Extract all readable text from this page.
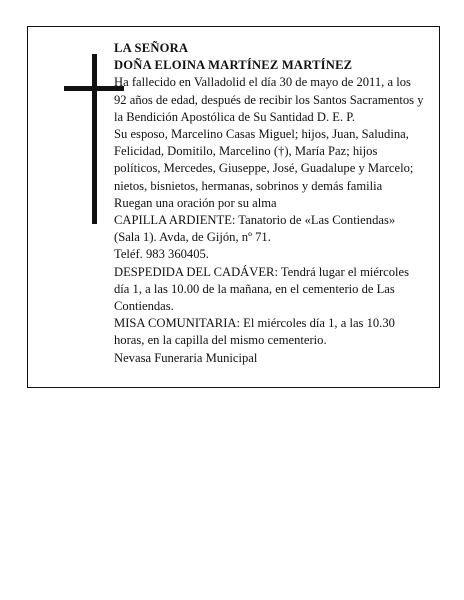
LA SEÑORA

DOÑA ELOINA MARTÍNEZ MARTÍNEZ

Ha fallecido en Valladolid el día 30 de mayo de 2011, a los 92 años de edad, después de recibir los Santos Sacramentos y la Bendición Apostólica de Su Santidad D. E. P.

Su esposo, Marcelino Casas Miguel; hijos, Juan, Saludina, Felicidad, Domitilo, Marcelino (†), María Paz; hijos políticos, Mercedes, Giuseppe, José, Guadalupe y Marcelo; nietos, bisnietos, hermanas, sobrinos y demás familia

Ruegan una oración por su alma

CAPILLA ARDIENTE: Tanatorio de «Las Contiendas» (Sala 1). Avda, de Gijón, nº 71.

Teléf. 983 360405.

DESPEDIDA DEL CADÁVER: Tendrá lugar el miércoles día 1, a las 10.00 de la mañana, en el cementerio de Las Contiendas.

MISA COMUNITARIA: El miércoles día 1, a las 10.30 horas, en la capilla del mismo cementerio.

Nevasa Funeraria Municipal
